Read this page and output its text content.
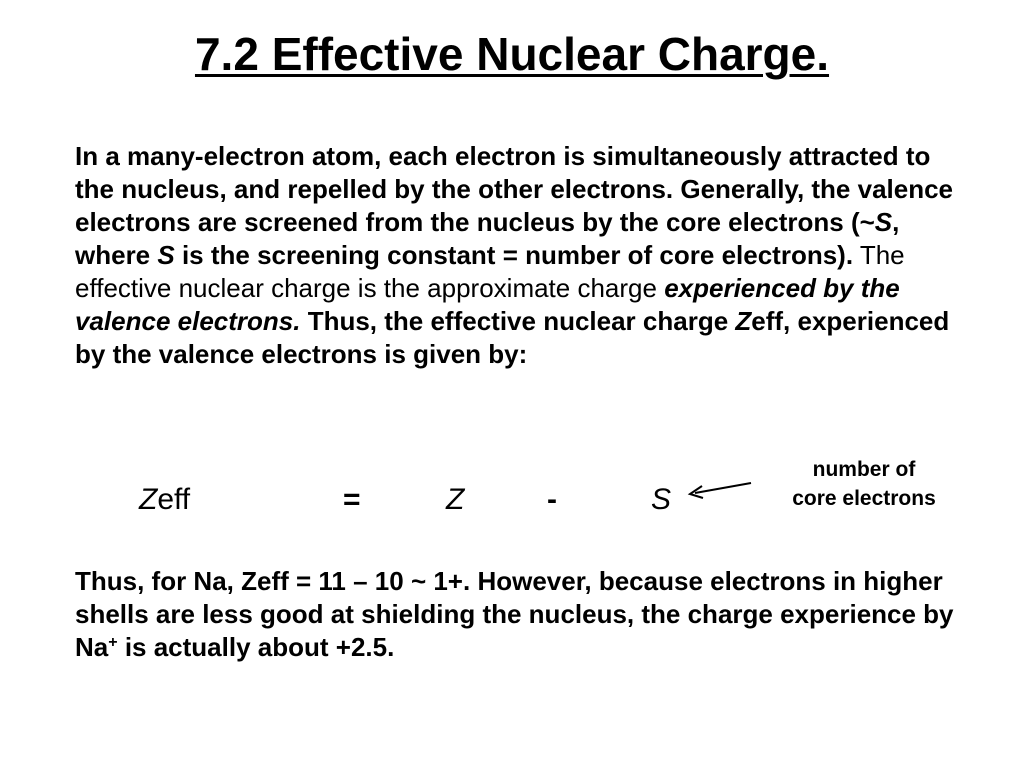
7.2 Effective Nuclear Charge.
In a many-electron atom, each electron is simultaneously attracted to the nucleus, and repelled by the other electrons. Generally, the valence electrons are screened from the nucleus by the core electrons (~S, where S is the screening constant = number of core electrons). The effective nuclear charge is the approximate charge experienced by the valence electrons. Thus, the effective nuclear charge Zeff, experienced by the valence electrons is given by:
Zeff	=	Z	-	S
number of
core electrons
Thus, for Na, Zeff = 11 – 10 ~ 1+. However, because electrons in higher shells are less good at shielding the nucleus, the charge experience by Na+ is actually about +2.5.
